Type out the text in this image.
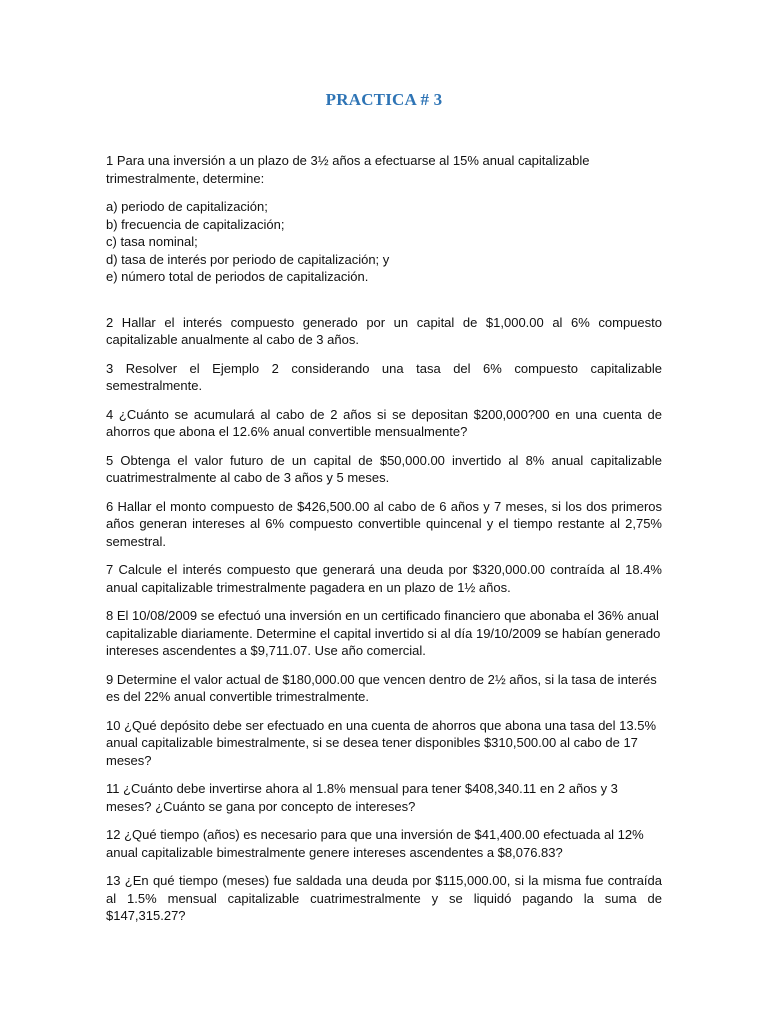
PRACTICA # 3

1 Para una inversión a un plazo de 3½ años a efectuarse al 15% anual capitalizable trimestralmente, determine:

a) periodo de capitalización;
b) frecuencia de capitalización;
c) tasa nominal;
d) tasa de interés por periodo de capitalización; y
e) número total de periodos de capitalización.

2 Hallar el interés compuesto generado por un capital de $1,000.00 al 6% compuesto capitalizable anualmente al cabo de 3 años.

3 Resolver el Ejemplo 2 considerando una tasa del 6% compuesto capitalizable semestralmente.

4 ¿Cuánto se acumulará al cabo de 2 años si se depositan $200,000?00 en una cuenta de ahorros que abona el 12.6% anual convertible mensualmente?

5 Obtenga el valor futuro de un capital de $50,000.00 invertido al 8% anual capitalizable cuatrimestralmente al cabo de 3 años y 5 meses.

6 Hallar el monto compuesto de $426,500.00 al cabo de 6 años y 7 meses, si los dos primeros años generan intereses al 6% compuesto convertible quincenal y el tiempo restante al 2,75% semestral.

7 Calcule el interés compuesto que generará una deuda por $320,000.00 contraída al 18.4% anual capitalizable trimestralmente pagadera en un plazo de 1½ años.

8 El 10/08/2009 se efectuó una inversión en un certificado financiero que abonaba el 36% anual capitalizable diariamente. Determine el capital invertido si al día 19/10/2009 se habían generado intereses ascendentes a $9,711.07. Use año comercial.

9 Determine el valor actual de $180,000.00 que vencen dentro de 2½ años, si la tasa de interés es del 22% anual convertible trimestralmente.

10 ¿Qué depósito debe ser efectuado en una cuenta de ahorros que abona una tasa del 13.5% anual capitalizable bimestralmente, si se desea tener disponibles $310,500.00 al cabo de 17 meses?

11 ¿Cuánto debe invertirse ahora al 1.8% mensual para tener $408,340.11 en 2 años y 3 meses? ¿Cuánto se gana por concepto de intereses?

12 ¿Qué tiempo (años) es necesario para que una inversión de $41,400.00 efectuada al 12% anual capitalizable bimestralmente genere intereses ascendentes a $8,076.83?

13 ¿En qué tiempo (meses) fue saldada una deuda por $115,000.00, si la misma fue contraída al 1.5% mensual capitalizable cuatrimestralmente y se liquidó pagando la suma de $147,315.27?
